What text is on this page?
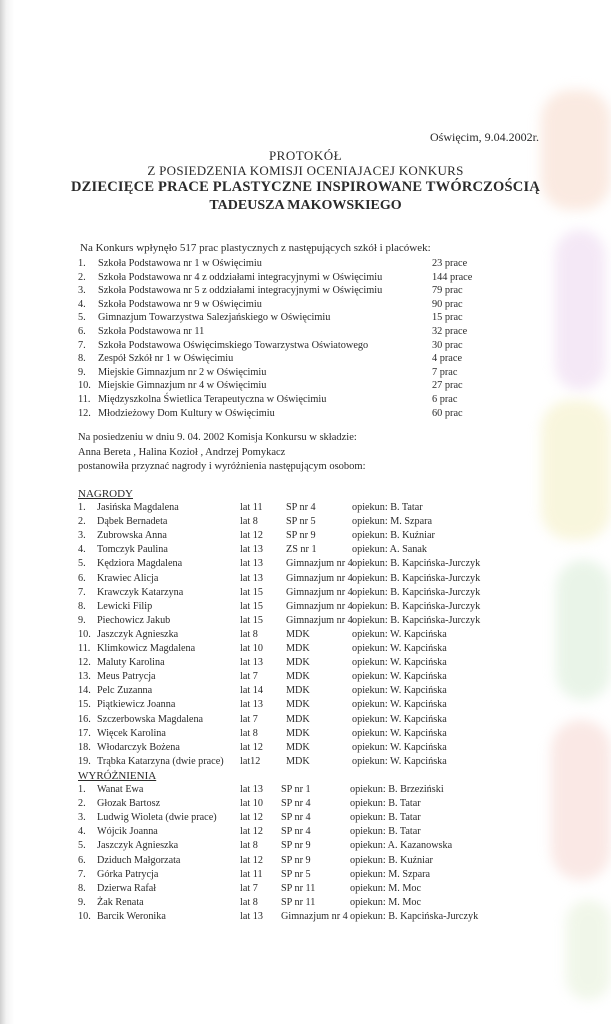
Oświęcim, 9.04.2002r.
PROTOKÓŁ
Z POSIEDZENIA KOMISJI OCENIAJACEJ KONKURS
DZIECIĘCE PRACE PLASTYCZNE INSPIROWANE TWÓRCZOŚCIĄ
TADEUSZA MAKOWSKIEGO
Na Konkurs wpłynęło 517 prac plastycznych z następujących szkół i placówek:
1. Szkoła Podstawowa nr 1 w Oświęcimiu	23 prace
2. Szkoła Podstawowa nr 4 z oddziałami integracyjnymi w Oświęcimiu	144 prace
3. Szkoła Podstawowa nr 5 z oddziałami integracyjnymi w Oświęcimiu	79 prac
4. Szkoła Podstawowa nr 9 w Oświęcimiu	90 prac
5. Gimnazjum Towarzystwa Salezjańskiego w Oświęcimiu	15 prac
6. Szkoła Podstawowa nr 11	32 prace
7. Szkoła Podstawowa Oświęcimskiego Towarzystwa Oświatowego	30 prac
8. Zespół Szkół nr 1 w Oświęcimiu	4 prace
9. Miejskie Gimnazjum nr 2 w Oświęcimiu	7 prac
10. Miejskie Gimnazjum nr 4 w Oświęcimiu	27 prac
11. Międzyszkolna Świetlica Terapeutyczna w Oświęcimiu	6 prac
12. Młodzieżowy Dom Kultury w Oświęcimiu	60 prac
Na posiedzeniu w dniu 9. 04. 2002 Komisja Konkursu w składzie:
Anna Bereta , Halina Kozioł , Andrzej Pomykacz
postanowiła przyznać nagrody i wyróżnienia następującym osobom:
NAGRODY
1. Jasińska Magdalena	lat 11 SP nr 4	opiekun: B. Tatar
2. Dąbek Bernadeta	lat 8	SP nr 5	opiekun: M. Szpara
3. Zubrowska Anna	lat 12 SP nr 9	opiekun: B. Kuźniar
4. Tomczyk Paulina	lat 13 ZS nr 1	opiekun: A. Sanak
5. Kędziora Magdalena	lat 13 Gimnazjum nr 4 opiekun: B. Kapcińska-Jurczyk
6. Krawiec Alicja	lat 13 Gimnazjum nr 4 opiekun: B. Kapcińska-Jurczyk
7. Krawczyk Katarzyna	lat 15 Gimnazjum nr 4 opiekun: B. Kapcińska-Jurczyk
8. Lewicki Filip	lat 15 Gimnazjum nr 4 opiekun: B. Kapcińska-Jurczyk
9. Piechowicz Jakub	lat 15 Gimnazjum nr 4 opiekun: B. Kapcińska-Jurczyk
10. Jaszczyk Agnieszka	lat 8	MDK	opiekun: W. Kapcińska
11. Klimkowicz Magdalena	lat 10 MDK	opiekun: W. Kapcińska
12. Maluty Karolina	lat 13 MDK	opiekun: W. Kapcińska
13. Meus Patrycja	lat 7	MDK	opiekun: W. Kapcińska
14. Pelc Zuzanna	lat 14 MDK	opiekun: W. Kapcińska
15. Piątkiewicz Joanna	lat 13 MDK	opiekun: W. Kapcińska
16. Szczerbowska Magdalena	lat 7	MDK	opiekun: W. Kapcińska
17. Więcek Karolina	lat 8	MDK	opiekun: W. Kapcińska
18. Włodarczyk Bożena	lat 12 MDK	opiekun: W. Kapcińska
19. Trąbka Katarzyna (dwie prace) lat12	MDK	opiekun: W. Kapcińska
WYRÓŻNIENIA
1. Wanat Ewa	lat 13 SP nr 1	opiekun: B. Brzeziński
2. Głozak Bartosz	lat 10 SP nr 4	opiekun: B. Tatar
3. Ludwig Wioleta (dwie prace) lat 12 SP nr 4	opiekun: B. Tatar
4. Wójcik Joanna	lat 12 SP nr 4	opiekun: B. Tatar
5. Jaszczyk Agnieszka	lat 8 SP nr 9	opiekun: A. Kazanowska
6. Dziduch Małgorzata	lat 12 SP nr 9	opiekun: B. Kuźniar
7. Górka Patrycja	lat 11 SP nr 5	opiekun: M. Szpara
8. Dzierwa Rafał	lat 7 SP nr 11	opiekun: M. Moc
9. Żak Renata	lat 8 SP nr 11	opiekun: M. Moc
10. Barcik Weronika	lat 13 Gimnazjum nr 4 opiekun: B. Kapcińska-Jurczyk
